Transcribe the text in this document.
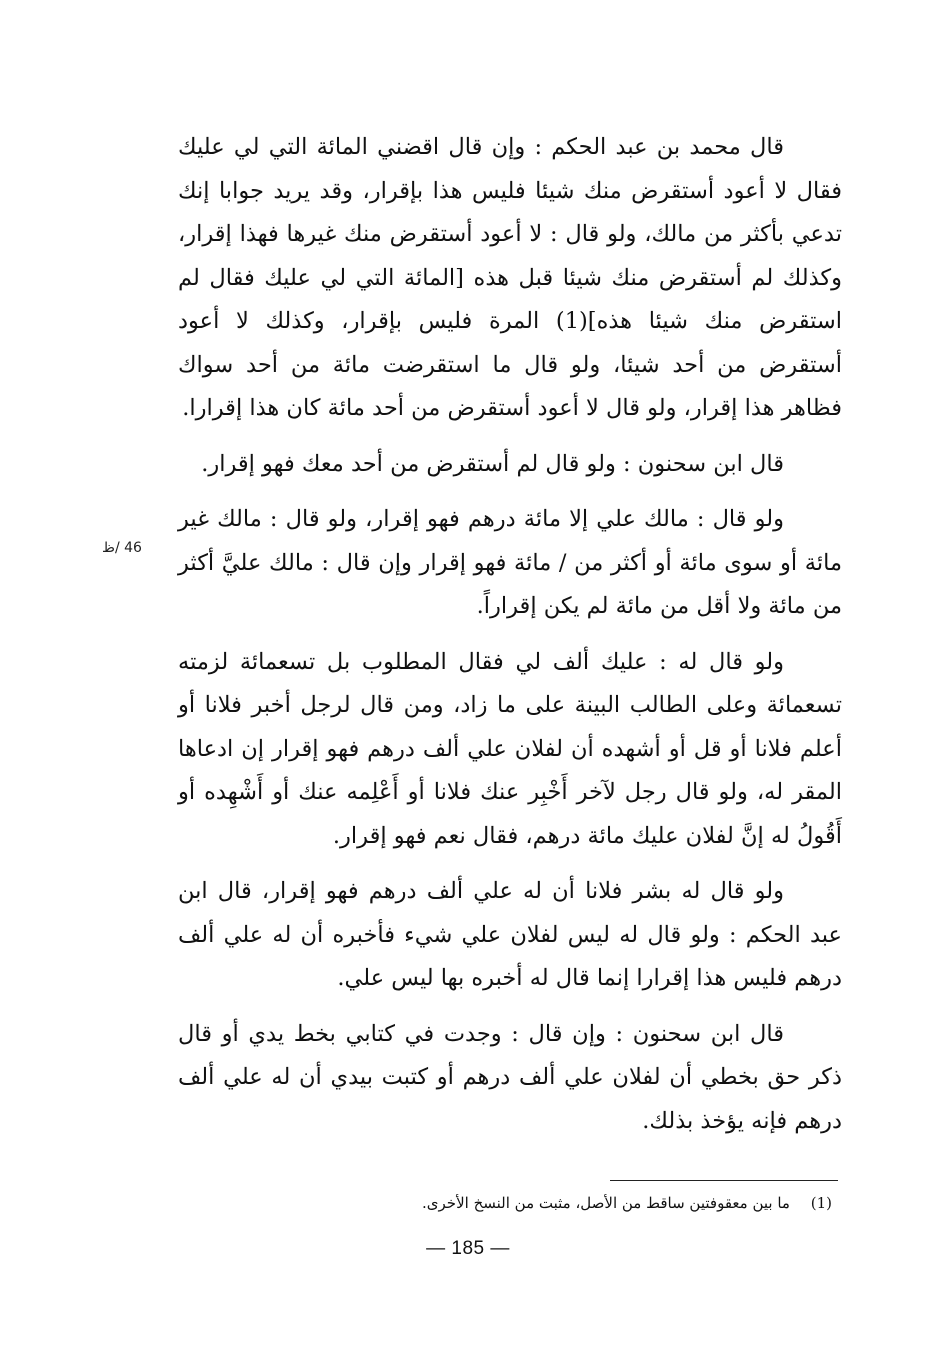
قال محمد بن عبد الحكم : وإن قال اقضني المائة التي لي عليك فقال لا أعود أستقرض منك شيئا فليس هذا بإقرار، وقد يريد جوابا إنك تدعي بأكثر من مالك، ولو قال : لا أعود أستقرض منك غيرها فهذا إقرار، وكذلك لم أستقرض منك شيئا قبل هذه [المائة التي لي عليك فقال لم استقرض منك شيئا هذه](1) المرة فليس بإقرار، وكذلك لا أعود أستقرض من أحد شيئا، ولو قال ما استقرضت مائة من أحد سواك فظاهر هذا إقرار، ولو قال لا أعود أستقرض من أحد مائة كان هذا إقرارا.

قال ابن سحنون : ولو قال لم أستقرض من أحد معك فهو إقرار.

ولو قال : مالك علي إلا مائة درهم فهو إقرار، ولو قال : مالك غير مائة أو سوى مائة أو أكثر من / مائة فهو إقرار وإن قال : مالك عليَّ أكثر من مائة ولا أقل من مائة لم يكن إقراراً.

ولو قال له : عليك ألف لي فقال المطلوب بل تسعمائة لزمته تسعمائة وعلى الطالب البينة على ما زاد، ومن قال لرجل أخبر فلانا أو أعلم فلانا أو قل أو أشهده أن لفلان علي ألف درهم فهو إقرار إن ادعاها المقر له، ولو قال رجل لآخر أَخْبِر عنك فلانا أو أَعْلِمه عنك أو أَشْهِده أو أَقُولُ له إنَّ لفلان عليك مائة درهم، فقال نعم فهو إقرار.

ولو قال له بشر فلانا أن له علي ألف درهم فهو إقرار، قال ابن عبد الحكم : ولو قال له ليس لفلان علي شيء فأخبره أن له علي ألف درهم فليس هذا إقرارا إنما قال له أخبره بها ليس علي.

قال ابن سحنون : وإن قال : وجدت في كتابي بخط يدي أو قال ذكر حق بخطي أن لفلان علي ألف درهم أو كتبت بيدي أن له علي ألف درهم فإنه يؤخذ بذلك.

46 /ظ
(1) ما بين معقوفتين ساقط من الأصل، مثبت من النسخ الأخرى.
— 185 —
